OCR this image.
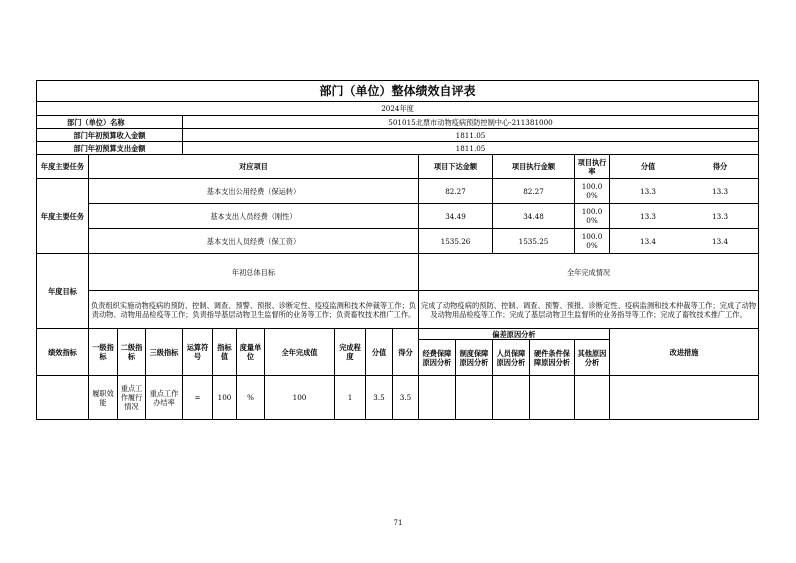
部门（单位）整体绩效自评表																
2024年度																
部门（单位）名称				501015北票市动物疫病预防控制中心-211381000												
部门年初预算收入金额				1811.05												
部门年初预算支出金额				1811.05												
年度主要任务	对应项目										项目下达金额		项目执行金额		项目执行率	分值 得分
年度主要任务	基本支出公用经费（保运转）										82.27		82.27		100.00%	13.3 13.3
	基本支出人员经费（刚性）										34.49		34.48		100.00%	13.3 13.3
	基本支出人员经费（保工资）										1535.26		1535.25		100.00%	13.4 13.4
年度目标	年初总体目标										全年完成情况					
	负责组织实施动物疫病的预防、控制、调查、预警、预报、诊断定性、疫疫监测和技术仲裁等工作；负责动物、动物用品检疫等工作；负责指导基层动物卫生监督所的业务等工作；负责畜牧技术推广工作。										完成了动物疫病的预防、控制、调查、预警、预报、诊断定性、疫病监测和技术仲裁等工作；完成了动物及动物用品检疫等工作；完成了基层动物卫生监督所的业务指导等工作；完成了畜牧技术推广工作。					
绩效指标	一级指标	二级指标	三级指标	运算符号	指标值	度量单位	全年完成值	完成程度	分值	得分	偏差原因分析					改进措施
											经费保障原因分析	制度保障原因分析	人员保障原因分析	硬件条件保障原因分析	其他原因分析	
	履职效能	重点工作履行情况	重点工作办结率	=	100	%	100	1	3.5	3.5						
71
